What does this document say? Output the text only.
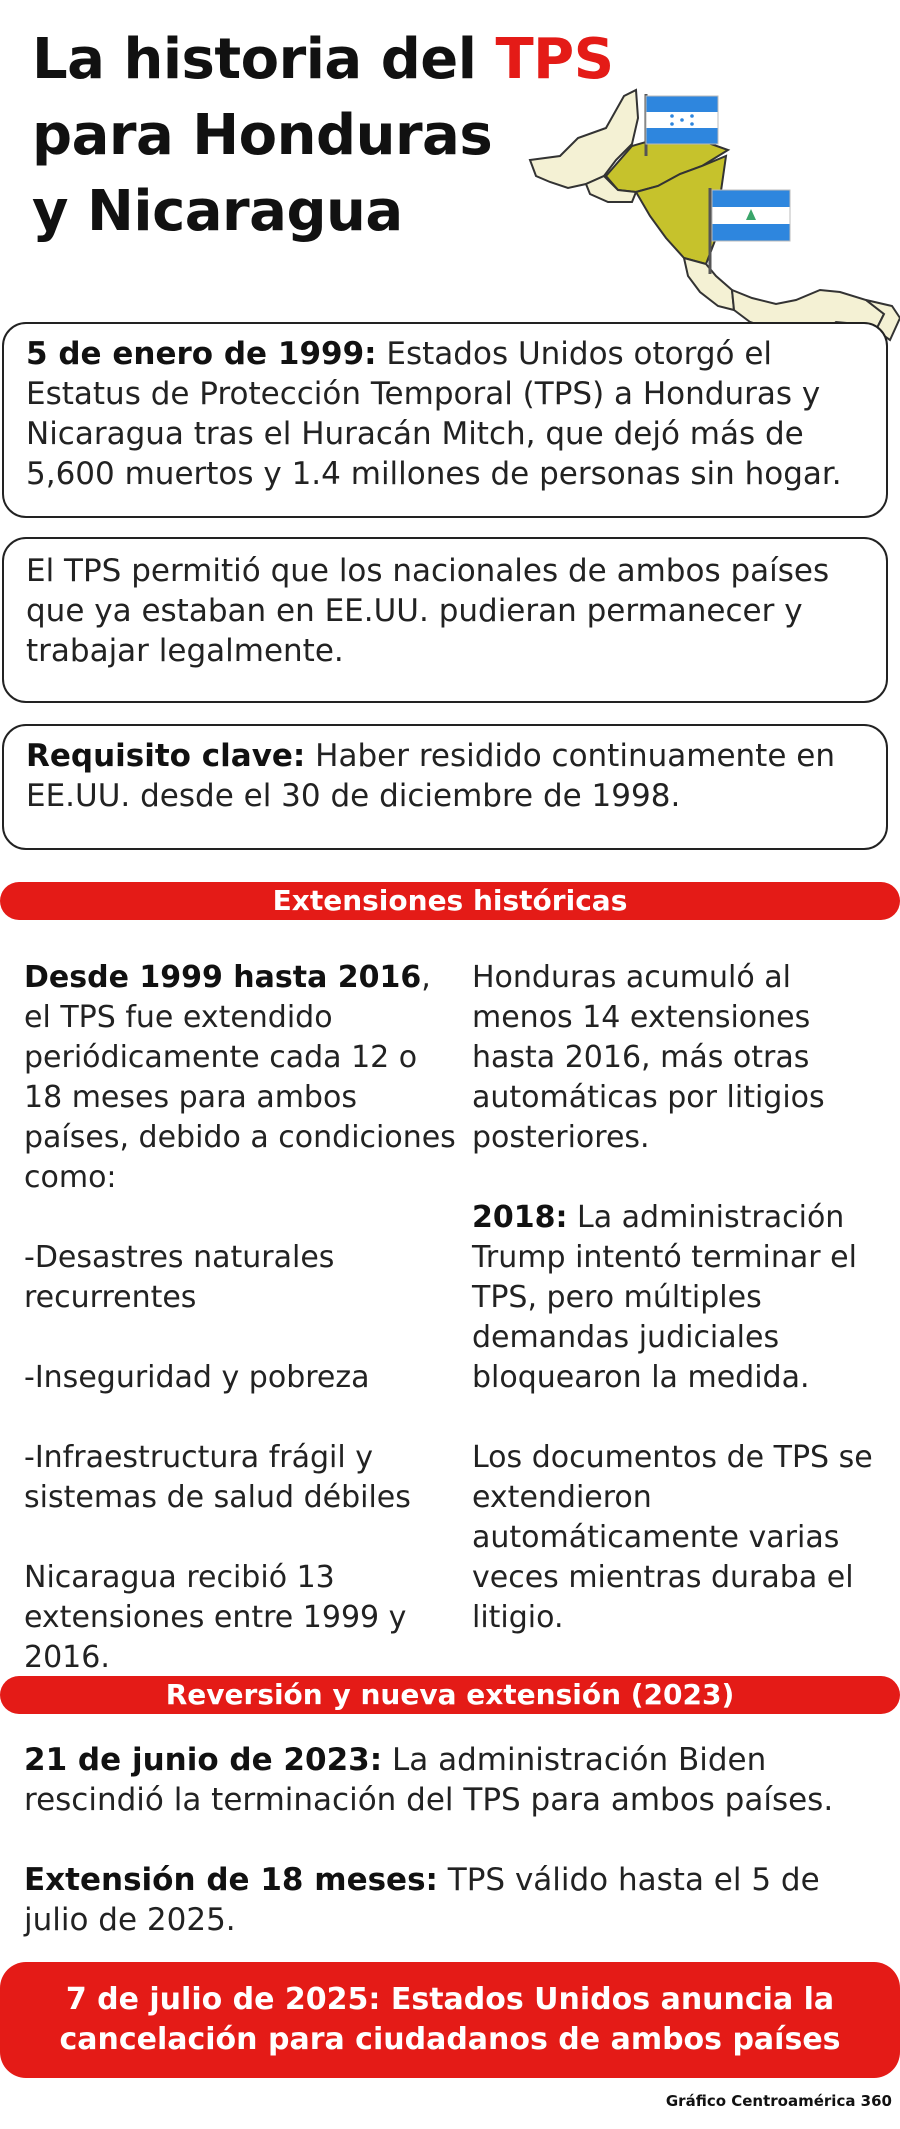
La historia del TPS
para Honduras
y Nicaragua
5 de enero de 1999: Estados Unidos otorgó el Estatus de Protección Temporal (TPS) a Honduras y Nicaragua tras el Huracán Mitch, que dejó más de 5,600 muertos y 1.4 millones de personas sin hogar.
El TPS permitió que los nacionales de ambos países que ya estaban en EE.UU. pudieran permanecer y trabajar legalmente.
Requisito clave: Haber residido continuamente en EE.UU. desde el 30 de diciembre de 1998.
Extensiones históricas

Desde 1999 hasta 2016, el TPS fue extendido periódicamente cada 12 o 18 meses para ambos países, debido a condiciones como:

-Desastres naturales recurrentes

-Inseguridad y pobreza

-Infraestructura frágil y sistemas de salud débiles

Nicaragua recibió 13 extensiones entre 1999 y 2016.

Honduras acumuló al menos 14 extensiones hasta 2016, más otras automáticas por litigios posteriores.

2018: La administración Trump intentó terminar el TPS, pero múltiples demandas judiciales bloquearon la medida.

Los documentos de TPS se extendieron automáticamente varias veces mientras duraba el litigio.

Reversión y nueva extensión (2023)

21 de junio de 2023: La administración Biden rescindió la terminación del TPS para ambos países.

Extensión de 18 meses: TPS válido hasta el 5 de julio de 2025.

7 de julio de 2025: Estados Unidos anuncia la
cancelación para ciudadanos de ambos países
Gráfico Centroamérica 360
